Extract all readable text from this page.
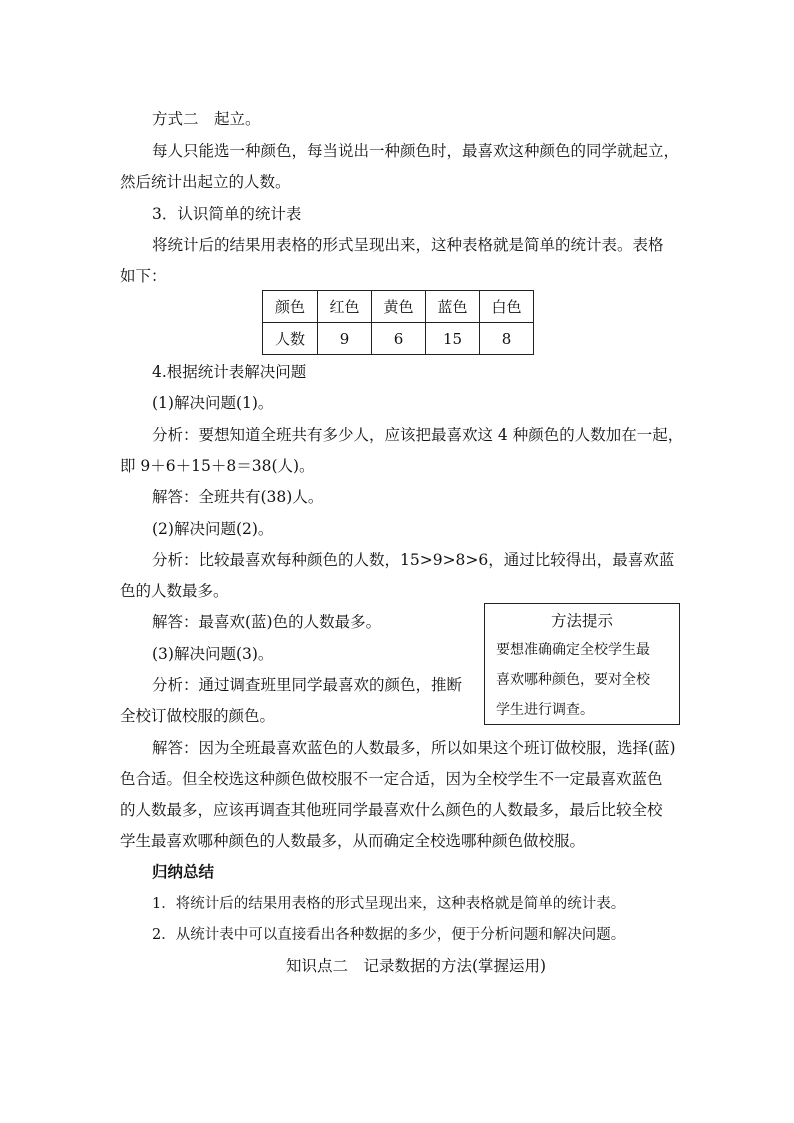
方式二　起立。
每人只能选一种颜色，每当说出一种颜色时，最喜欢这种颜色的同学就起立，
然后统计出起立的人数。
3．认识简单的统计表
将统计后的结果用表格的形式呈现出来，这种表格就是简单的统计表。表格
如下：
颜色	红色	黄色	蓝色	白色
人数	9	6	15	8
4.根据统计表解决问题
(1)解决问题(1)。
分析：要想知道全班共有多少人，应该把最喜欢这 4 种颜色的人数加在一起，
即 9＋6＋15＋8＝38(人)。
解答：全班共有(38)人。
(2)解决问题(2)。
分析：比较最喜欢每种颜色的人数，15>9>8>6，通过比较得出，最喜欢蓝
色的人数最多。
解答：最喜欢(蓝)色的人数最多。
(3)解决问题(3)。
分析：通过调查班里同学最喜欢的颜色，推断
全校订做校服的颜色。
方法提示
要想准确确定全校学生最
喜欢哪种颜色，要对全校
学生进行调查。
解答：因为全班最喜欢蓝色的人数最多，所以如果这个班订做校服，选择(蓝)
色合适。但全校选这种颜色做校服不一定合适，因为全校学生不一定最喜欢蓝色
的人数最多，应该再调查其他班同学最喜欢什么颜色的人数最多，最后比较全校
学生最喜欢哪种颜色的人数最多，从而确定全校选哪种颜色做校服。
归纳总结
1．将统计后的结果用表格的形式呈现出来，这种表格就是简单的统计表。
2．从统计表中可以直接看出各种数据的多少，便于分析问题和解决问题。
知识点二　记录数据的方法(掌握运用)
